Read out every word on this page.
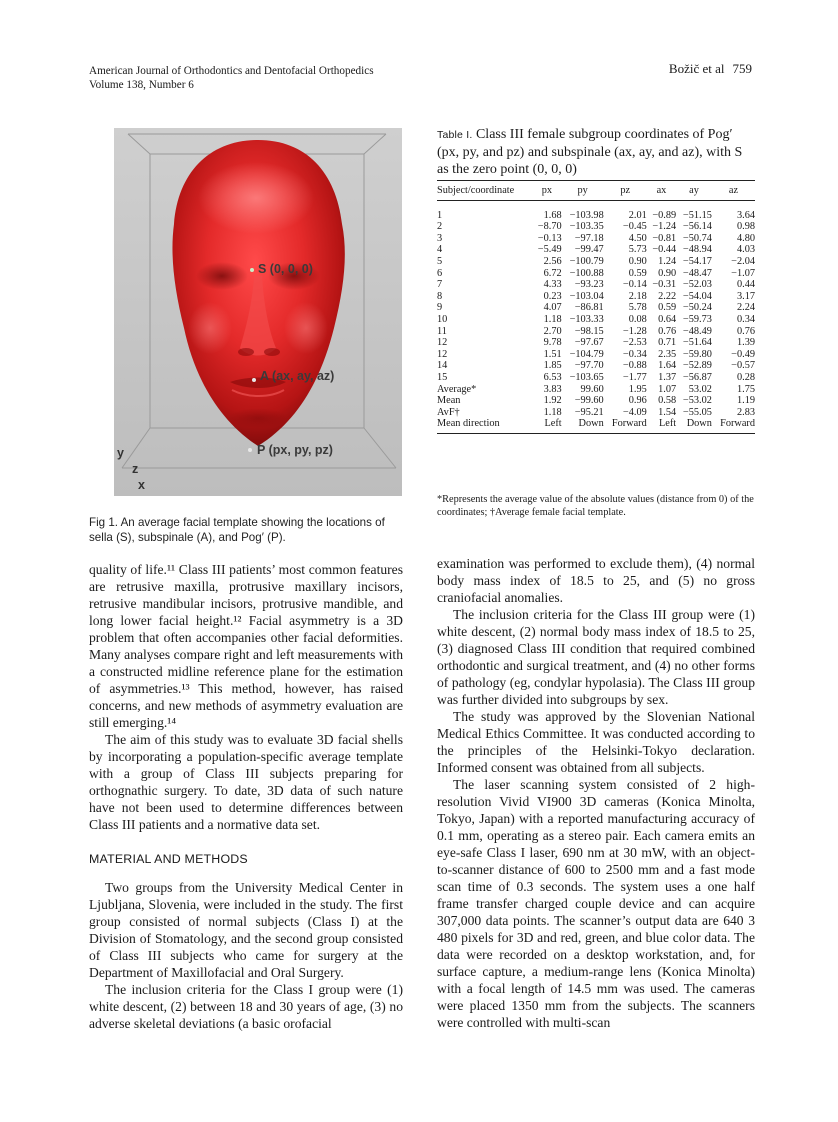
American Journal of Orthodontics and Dentofacial Orthopedics
Volume 138, Number 6
Božič et al 759
S (0, 0, 0)
A (ax, ay, az)
P (px, py, pz)
y
z
x
Fig 1. An average facial template showing the locations of sella (S), subspinale (A), and Pog′ (P).
Table I. Class III female subgroup coordinates of Pog′ (px, py, and pz) and subspinale (ax, ay, and az), with S as the zero point (0, 0, 0)
Subject/coordinate	px	py	pz	ax	ay	az
1	1.68	−103.98	2.01	−0.89	−51.15	3.64
2	−8.70	−103.35	−0.45	−1.24	−56.14	0.98
3	−0.13	−97.18	4.50	−0.81	−50.74	4.80
4	−5.49	−99.47	5.73	−0.44	−48.94	4.03
5	2.56	−100.79	0.90	1.24	−54.17	−2.04
6	6.72	−100.88	0.59	0.90	−48.47	−1.07
7	4.33	−93.23	−0.14	−0.31	−52.03	0.44
8	0.23	−103.04	2.18	2.22	−54.04	3.17
9	4.07	−86.81	5.78	0.59	−50.24	2.24
10	1.18	−103.33	0.08	0.64	−59.73	0.34
11	2.70	−98.15	−1.28	0.76	−48.49	0.76
12	9.78	−97.67	−2.53	0.71	−51.64	1.39
12	1.51	−104.79	−0.34	2.35	−59.80	−0.49
14	1.85	−97.70	−0.88	1.64	−52.89	−0.57
15	6.53	−103.65	−1.77	1.37	−56.87	0.28
Average*	3.83	99.60	1.95	1.07	53.02	1.75
Mean	1.92	−99.60	0.96	0.58	−53.02	1.19
AvF†	1.18	−95.21	−4.09	1.54	−55.05	2.83
Mean direction	Left	Down	Forward	Left	Down	Forward
*Represents the average value of the absolute values (distance from 0) of the coordinates; †Average female facial template.

quality of life.¹¹ Class III patients’ most common features are retrusive maxilla, protrusive maxillary incisors, retrusive mandibular incisors, protrusive mandible, and long lower facial height.¹² Facial asymmetry is a 3D problem that often accompanies other facial deformities. Many analyses compare right and left measurements with a constructed midline reference plane for the estimation of asymmetries.¹³ This method, however, has raised concerns, and new methods of asymmetry evaluation are still emerging.¹⁴

The aim of this study was to evaluate 3D facial shells by incorporating a population-specific average template with a group of Class III subjects preparing for orthognathic surgery. To date, 3D data of such nature have not been used to determine differences between Class III patients and a normative data set.

MATERIAL AND METHODS

Two groups from the University Medical Center in Ljubljana, Slovenia, were included in the study. The first group consisted of normal subjects (Class I) at the Division of Stomatology, and the second group consisted of Class III subjects who came for surgery at the Department of Maxillofacial and Oral Surgery.

The inclusion criteria for the Class I group were (1) white descent, (2) between 18 and 30 years of age, (3) no adverse skeletal deviations (a basic orofacial

examination was performed to exclude them), (4) normal body mass index of 18.5 to 25, and (5) no gross craniofacial anomalies.

The inclusion criteria for the Class III group were (1) white descent, (2) normal body mass index of 18.5 to 25, (3) diagnosed Class III condition that required combined orthodontic and surgical treatment, and (4) no other forms of pathology (eg, condylar hypolasia). The Class III group was further divided into subgroups by sex.

The study was approved by the Slovenian National Medical Ethics Committee. It was conducted according to the principles of the Helsinki-Tokyo declaration. Informed consent was obtained from all subjects.

The laser scanning system consisted of 2 high-resolution Vivid VI900 3D cameras (Konica Minolta, Tokyo, Japan) with a reported manufacturing accuracy of 0.1 mm, operating as a stereo pair. Each camera emits an eye-safe Class I laser, 690 nm at 30 mW, with an object-to-scanner distance of 600 to 2500 mm and a fast mode scan time of 0.3 seconds. The system uses a one half frame transfer charged couple device and can acquire 307,000 data points. The scanner’s output data are 640 3 480 pixels for 3D and red, green, and blue color data. The data were recorded on a desktop workstation, and, for surface capture, a medium-range lens (Konica Minolta) with a focal length of 14.5 mm was used. The cameras were placed 1350 mm from the subjects. The scanners were controlled with multi-scan
